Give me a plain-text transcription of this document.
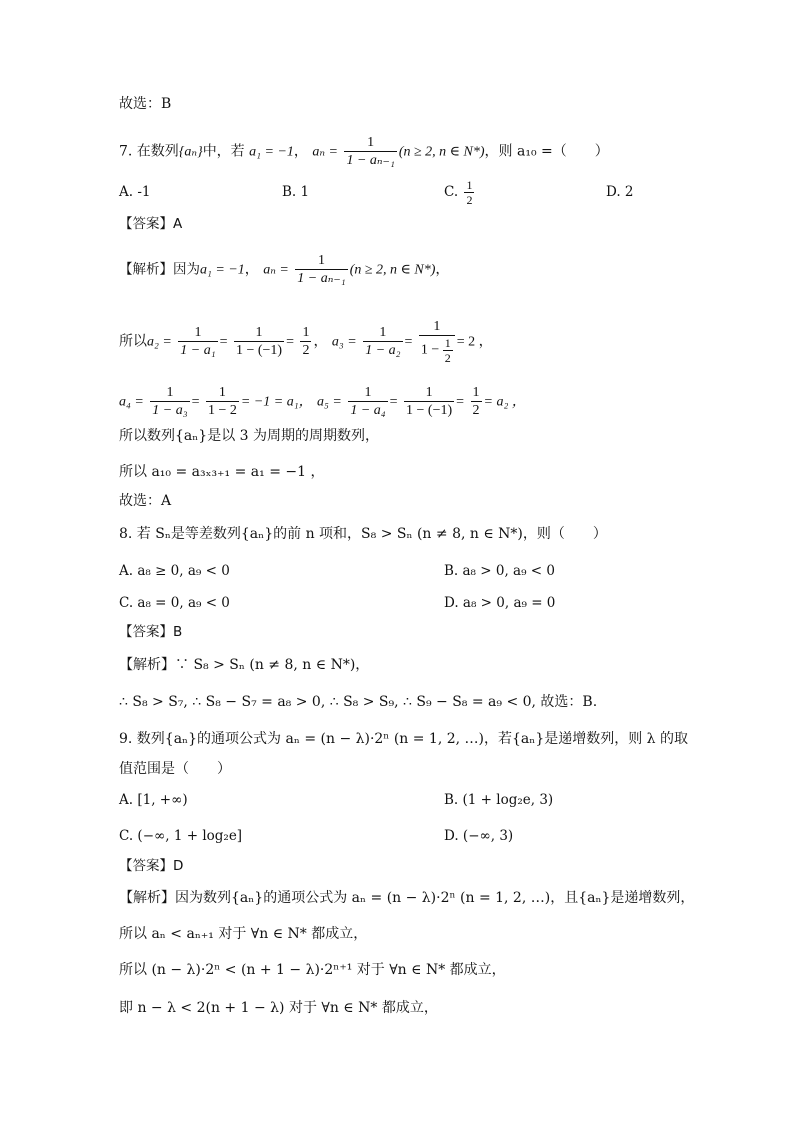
故选：B
7. 在数列{aₙ}中，若 a₁ = −1， $a_n = \frac{1}{\text{1 − aₙ₋₁}} (n \ge 2$, n ∈ N*)，则 a₁₀ =（　　）
A. -1	B. 1	C. $\frac{1}{2}$	D. 2
【答案】A
【解析】因为a₁ = −1， $a_n = \frac{1}{\text{1 − aₙ₋₁}} (n \ge 2$, n ∈ N*)，
所以$a_2 = \frac{1}{\text{1 − a₁}} = \frac{1}{1 - (-1)} = \frac{1}{2}$ ， $a_3 = \frac{1}{\text{1 − a₂}} = \frac{1}{1 - \frac{1}{2}} = 2$ ，
$a_4 = \frac{1}{\text{1 − a₃}} = \frac{1}{1 - 2} = -1 = a_1$， $a_5 = \frac{1}{\text{1 − a₄}} = \frac{1}{1 - (-1)} = \frac{1}{2} = a_2$ ，
所以数列{aₙ}是以 3 为周期的周期数列，
所以 a₁₀ = a₃ₓ₃₊₁ = a₁ = −1 ，
故选：A
8. 若 Sₙ是等差数列{aₙ}的前 n 项和，S₈ > Sₙ (n ≠ 8, n ∈ N*)，则（　　）
A. a₈ ≥ 0, a₉ < 0	B. a₈ > 0, a₉ < 0
C. a₈ = 0, a₉ < 0	D. a₈ > 0, a₉ = 0
【答案】B
【解析】∵ S₈ > Sₙ (n ≠ 8, n ∈ N*)，
∴ S₈ > S₇, ∴ S₈ − S₇ = a₈ > 0, ∴ S₈ > S₉, ∴ S₉ − S₈ = a₉ < 0, 故选：B.
9. 数列{aₙ}的通项公式为 aₙ = (n − λ)·2ⁿ (n = 1, 2, …)，若{aₙ}是递增数列，则 λ 的取
值范围是（　　）
A. [1, +∞)	B. (1 + log₂e, 3)
C. (−∞, 1 + log₂e]	D. (−∞, 3)
【答案】D
【解析】因为数列{aₙ}的通项公式为 aₙ = (n − λ)·2ⁿ (n = 1, 2, …)，且{aₙ}是递增数列，
所以 aₙ < aₙ₊₁ 对于 ∀n ∈ N* 都成立，
所以 (n − λ)·2ⁿ < (n + 1 − λ)·2ⁿ⁺¹ 对于 ∀n ∈ N* 都成立，
即 n − λ < 2(n + 1 − λ) 对于 ∀n ∈ N* 都成立，
